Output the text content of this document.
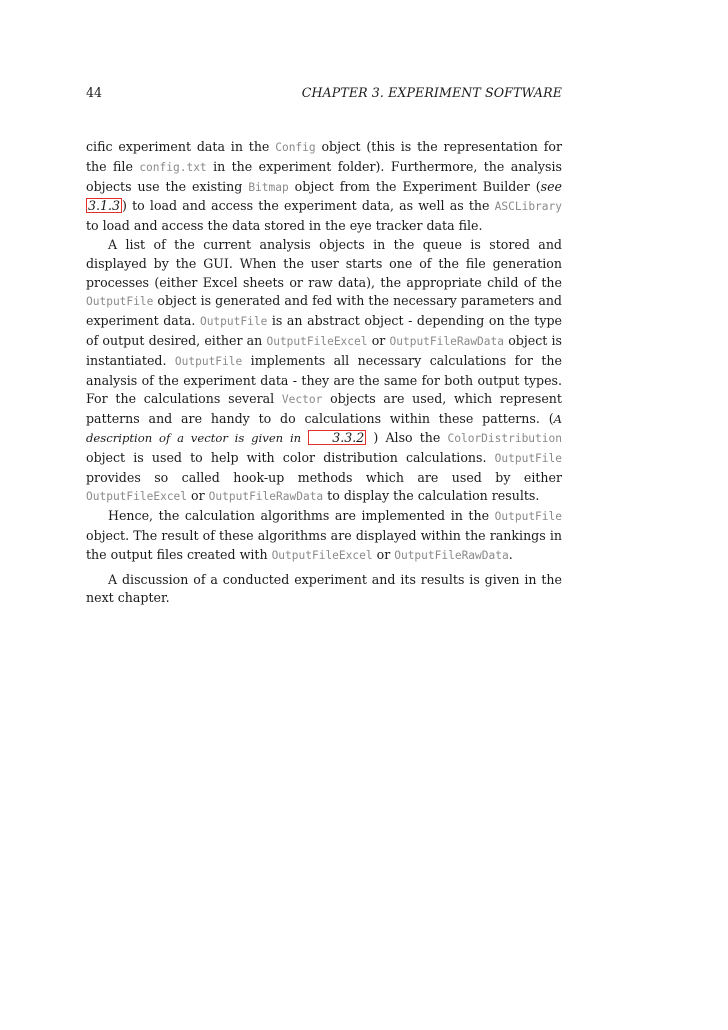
44	CHAPTER 3. EXPERIMENT SOFTWARE

cific experiment data in the Config object (this is the representation for the file config.txt in the experiment folder). Furthermore, the analysis objects use the existing Bitmap object from the Experiment Builder (see 3.1.3 ) to load and access the experiment data, as well as the ASCLibrary to load and access the data stored in the eye tracker data file.

A list of the current analysis objects in the queue is stored and displayed by the GUI. When the user starts one of the file generation processes (either Excel sheets or raw data), the appropriate child of the OutputFile object is generated and fed with the necessary parameters and experiment data. OutputFile is an abstract object - depending on the type of output desired, either an OutputFileExcel or OutputFileRawData object is instantiated. OutputFile implements all necessary calculations for the analysis of the experiment data - they are the same for both output types. For the calculations several Vector objects are used, which represent patterns and are handy to do calculations within these patterns. (A description of a vector is given in 3.3.2 ) Also the ColorDistribution object is used to help with color distribution calculations. OutputFile provides so called hook-up methods which are used by either OutputFileExcel or OutputFileRawData to display the calculation results.

Hence, the calculation algorithms are implemented in the OutputFile object. The result of these algorithms are displayed within the rankings in the output files created with OutputFileExcel or OutputFileRawData.

A discussion of a conducted experiment and its results is given in the next chapter.
